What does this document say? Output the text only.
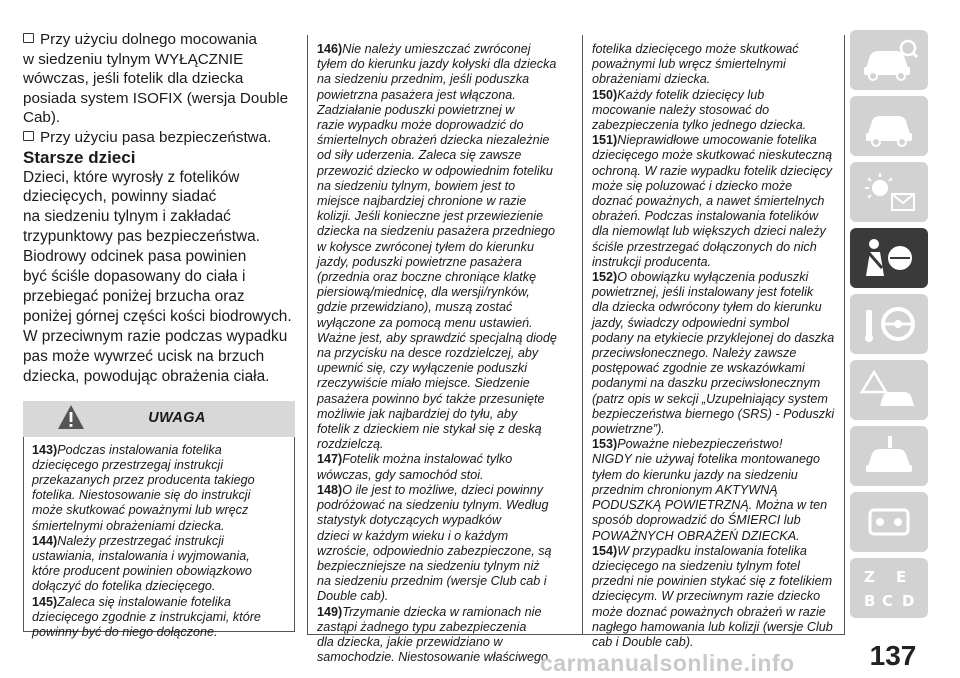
Przy użyciu dolnego mocowania
w siedzeniu tylnym WYŁĄCZNIE
wówczas, jeśli fotelik dla dziecka
posiada system ISOFIX (wersja Double
Cab).
Przy użyciu pasa bezpieczeństwa.
Starsze dzieci

Dzieci, które wyrosły z fotelików
dziecięcych, powinny siadać
na siedzeniu tylnym i zakładać
trzypunktowy pas bezpieczeństwa.
Biodrowy odcinek pasa powinien
być ściśle dopasowany do ciała i
przebiegać poniżej brzucha oraz
poniżej górnej części kości biodrowych.
W przeciwnym razie podczas wypadku
pas może wywrzeć ucisk na brzuch
dziecka, powodując obrażenia ciała.

UWAGA

143)Podczas instalowania fotelika
dziecięcego przestrzegaj instrukcji
przekazanych przez producenta takiego
fotelika. Niestosowanie się do instrukcji
może skutkować poważnymi lub wręcz
śmiertelnymi obrażeniami dziecka.

144)Należy przestrzegać instrukcji
ustawiania, instalowania i wyjmowania,
które producent powinien obowiązkowo
dołączyć do fotelika dziecięcego.

145)Zaleca się instalowanie fotelika
dziecięcego zgodnie z instrukcjami, które
powinny być do niego dołączone.

146)Nie należy umieszczać zwróconej
tyłem do kierunku jazdy kołyski dla dziecka
na siedzeniu przednim, jeśli poduszka
powietrzna pasażera jest włączona.
Zadziałanie poduszki powietrznej w
razie wypadku może doprowadzić do
śmiertelnych obrażeń dziecka niezależnie
od siły uderzenia. Zaleca się zawsze
przewozić dziecko w odpowiednim foteliku
na siedzeniu tylnym, bowiem jest to
miejsce najbardziej chronione w razie
kolizji. Jeśli konieczne jest przewiezienie
dziecka na siedzeniu pasażera przedniego
w kołysce zwróconej tyłem do kierunku
jazdy, poduszki powietrzne pasażera
(przednia oraz boczne chroniące klatkę
piersiową/miednicę, dla wersji/rynków,
gdzie przewidziano), muszą zostać
wyłączone za pomocą menu ustawień.
Ważne jest, aby sprawdzić specjalną diodę
na przycisku na desce rozdzielczej, aby
upewnić się, czy wyłączenie poduszki
rzeczywiście miało miejsce. Siedzenie
pasażera powinno być także przesunięte
możliwie jak najbardziej do tyłu, aby
fotelik z dzieckiem nie stykał się z deską
rozdzielczą.

147)Fotelik można instalować tylko
wówczas, gdy samochód stoi.

148)O ile jest to możliwe, dzieci powinny
podróżować na siedzeniu tylnym. Według
statystyk dotyczących wypadków
dzieci w każdym wieku i o każdym
wzroście, odpowiednio zabezpieczone, są
bezpieczniejsze na siedzeniu tylnym niż
na siedzeniu przednim (wersje Club cab i
Double cab).

149)Trzymanie dziecka w ramionach nie
zastąpi żadnego typu zabezpieczenia
dla dziecka, jakie przewidziano w
samochodzie. Niestosowanie właściwego

fotelika dziecięcego może skutkować
poważnymi lub wręcz śmiertelnymi
obrażeniami dziecka.

150)Każdy fotelik dziecięcy lub
mocowanie należy stosować do
zabezpieczenia tylko jednego dziecka.

151)Nieprawidłowe umocowanie fotelika
dziecięcego może skutkować nieskuteczną
ochroną. W razie wypadku fotelik dziecięcy
może się poluzować i dziecko może
doznać poważnych, a nawet śmiertelnych
obrażeń. Podczas instalowania fotelików
dla niemowląt lub większych dzieci należy
ściśle przestrzegać dołączonych do nich
instrukcji producenta.

152)O obowiązku wyłączenia poduszki
powietrznej, jeśli instalowany jest fotelik
dla dziecka odwrócony tyłem do kierunku
jazdy, świadczy odpowiedni symbol
podany na etykiecie przyklejonej do daszka
przeciwsłonecznego. Należy zawsze
postępować zgodnie ze wskazówkami
podanymi na daszku przeciwsłonecznym
(patrz opis w sekcji „Uzupełniający system
bezpieczeństwa biernego (SRS) - Poduszki
powietrzne”).

153)Poważne niebezpieczeństwo!
NIGDY nie używaj fotelika montowanego
tyłem do kierunku jazdy na siedzeniu
przednim chronionym AKTYWNĄ
PODUSZKĄ POWIETRZNĄ. Można w ten
sposób doprowadzić do ŚMIERCI lub
POWAŻNYCH OBRAŻEŃ DZIECKA.

154)W przypadku instalowania fotelika
dziecięcego na siedzeniu tylnym fotel
przedni nie powinien stykać się z fotelikiem
dziecięcym. W przeciwnym razie dziecko
może doznać poważnych obrażeń w razie
nagłego hamowania lub kolizji (wersje Club
cab i Double cab).

Z E
B C D
137
carmanualsonline.info
